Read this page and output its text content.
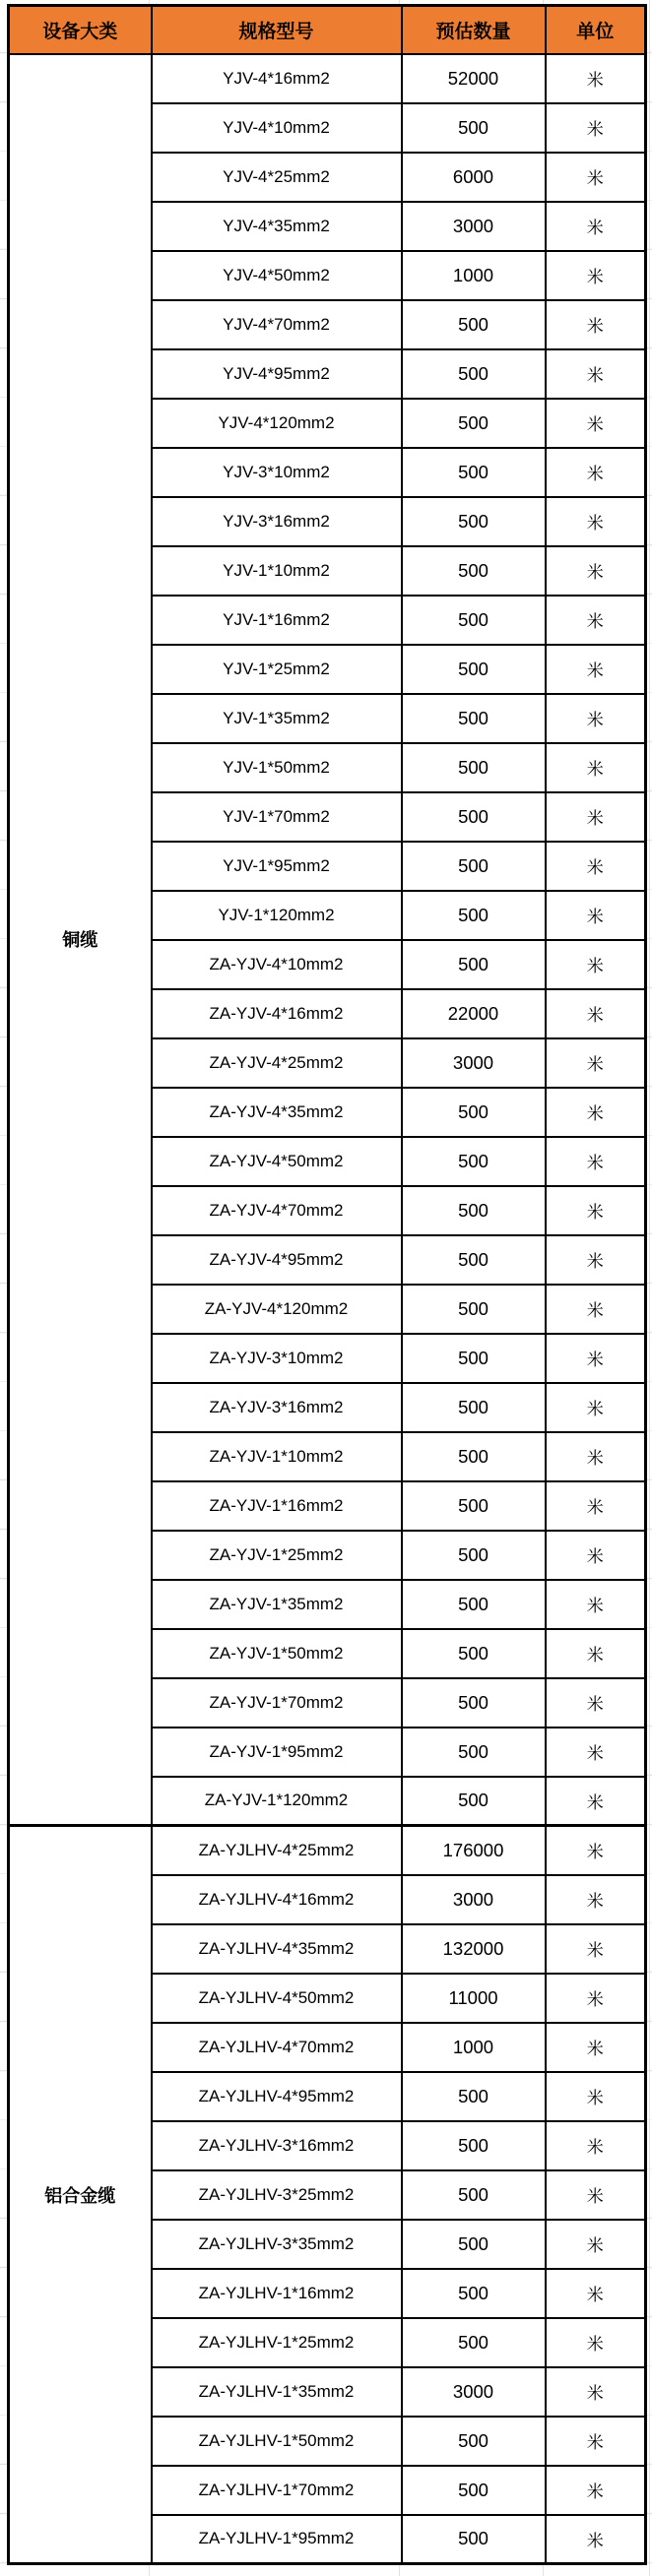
设备大类	规格型号	预估数量	单位
铜缆	YJV-4*16mm2	52000	米
	YJV-4*10mm2	500	米
	YJV-4*25mm2	6000	米
	YJV-4*35mm2	3000	米
	YJV-4*50mm2	1000	米
	YJV-4*70mm2	500	米
	YJV-4*95mm2	500	米
	YJV-4*120mm2	500	米
	YJV-3*10mm2	500	米
	YJV-3*16mm2	500	米
	YJV-1*10mm2	500	米
	YJV-1*16mm2	500	米
	YJV-1*25mm2	500	米
	YJV-1*35mm2	500	米
	YJV-1*50mm2	500	米
	YJV-1*70mm2	500	米
	YJV-1*95mm2	500	米
	YJV-1*120mm2	500	米
	ZA-YJV-4*10mm2	500	米
	ZA-YJV-4*16mm2	22000	米
	ZA-YJV-4*25mm2	3000	米
	ZA-YJV-4*35mm2	500	米
	ZA-YJV-4*50mm2	500	米
	ZA-YJV-4*70mm2	500	米
	ZA-YJV-4*95mm2	500	米
	ZA-YJV-4*120mm2	500	米
	ZA-YJV-3*10mm2	500	米
	ZA-YJV-3*16mm2	500	米
	ZA-YJV-1*10mm2	500	米
	ZA-YJV-1*16mm2	500	米
	ZA-YJV-1*25mm2	500	米
	ZA-YJV-1*35mm2	500	米
	ZA-YJV-1*50mm2	500	米
	ZA-YJV-1*70mm2	500	米
	ZA-YJV-1*95mm2	500	米
	ZA-YJV-1*120mm2	500	米
铝合金缆	ZA-YJLHV-4*25mm2	176000	米
	ZA-YJLHV-4*16mm2	3000	米
	ZA-YJLHV-4*35mm2	132000	米
	ZA-YJLHV-4*50mm2	11000	米
	ZA-YJLHV-4*70mm2	1000	米
	ZA-YJLHV-4*95mm2	500	米
	ZA-YJLHV-3*16mm2	500	米
	ZA-YJLHV-3*25mm2	500	米
	ZA-YJLHV-3*35mm2	500	米
	ZA-YJLHV-1*16mm2	500	米
	ZA-YJLHV-1*25mm2	500	米
	ZA-YJLHV-1*35mm2	3000	米
	ZA-YJLHV-1*50mm2	500	米
	ZA-YJLHV-1*70mm2	500	米
	ZA-YJLHV-1*95mm2	500	米
